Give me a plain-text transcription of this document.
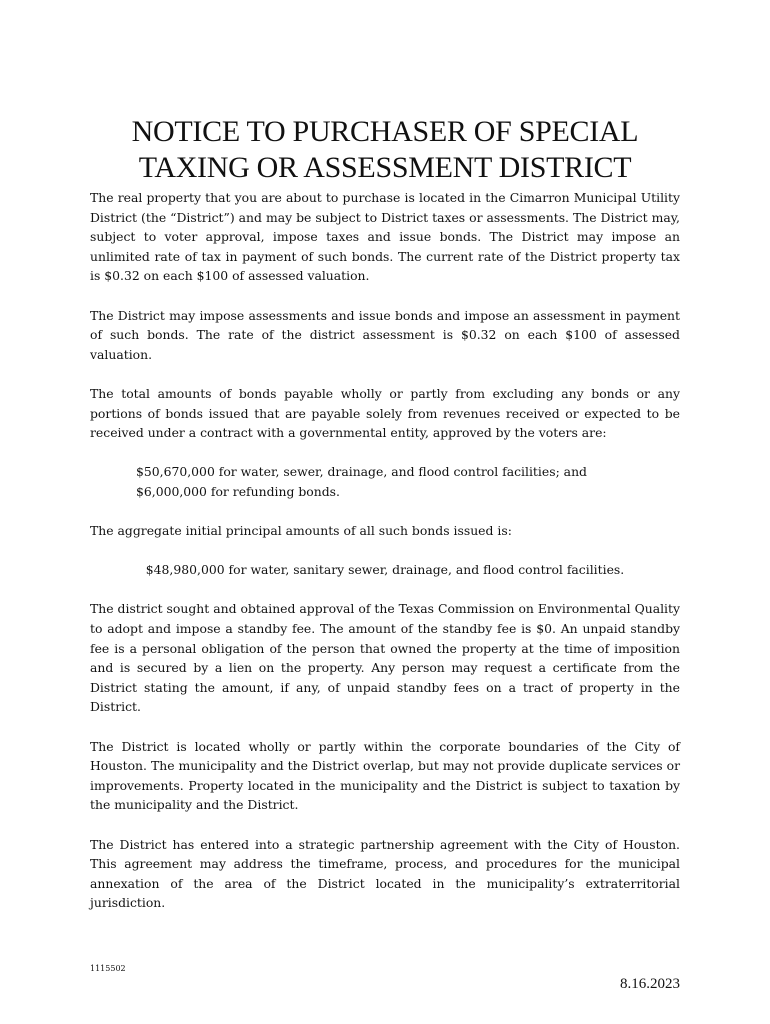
NOTICE TO PURCHASER OF SPECIAL
TAXING OR ASSESSMENT DISTRICT

The real property that you are about to purchase is located in the Cimarron Municipal Utility District (the “District”) and may be subject to District taxes or assessments. The District may, subject to voter approval, impose taxes and issue bonds. The District may impose an unlimited rate of tax in payment of such bonds. The current rate of the District property tax is $0.32 on each $100 of assessed valuation.

The District may impose assessments and issue bonds and impose an assessment in payment of such bonds. The rate of the district assessment is $0.32 on each $100 of assessed valuation.

The total amounts of bonds payable wholly or partly from excluding any bonds or any portions of bonds issued that are payable solely from revenues received or expected to be received under a contract with a governmental entity, approved by the voters are:

$50,670,000 for water, sewer, drainage, and flood control facilities; and
$6,000,000 for refunding bonds.

The aggregate initial principal amounts of all such bonds issued is:

$48,980,000 for water, sanitary sewer, drainage, and flood control facilities.

The district sought and obtained approval of the Texas Commission on Environmental Quality to adopt and impose a standby fee. The amount of the standby fee is $0. An unpaid standby fee is a personal obligation of the person that owned the property at the time of imposition and is secured by a lien on the property. Any person may request a certificate from the District stating the amount, if any, of unpaid standby fees on a tract of property in the District.

The District is located wholly or partly within the corporate boundaries of the City of Houston. The municipality and the District overlap, but may not provide duplicate services or improvements. Property located in the municipality and the District is subject to taxation by the municipality and the District.

The District has entered into a strategic partnership agreement with the City of Houston. This agreement may address the timeframe, process, and procedures for the municipal annexation of the area of the District located in the municipality’s extraterritorial jurisdiction.

1115502
8.16.2023
